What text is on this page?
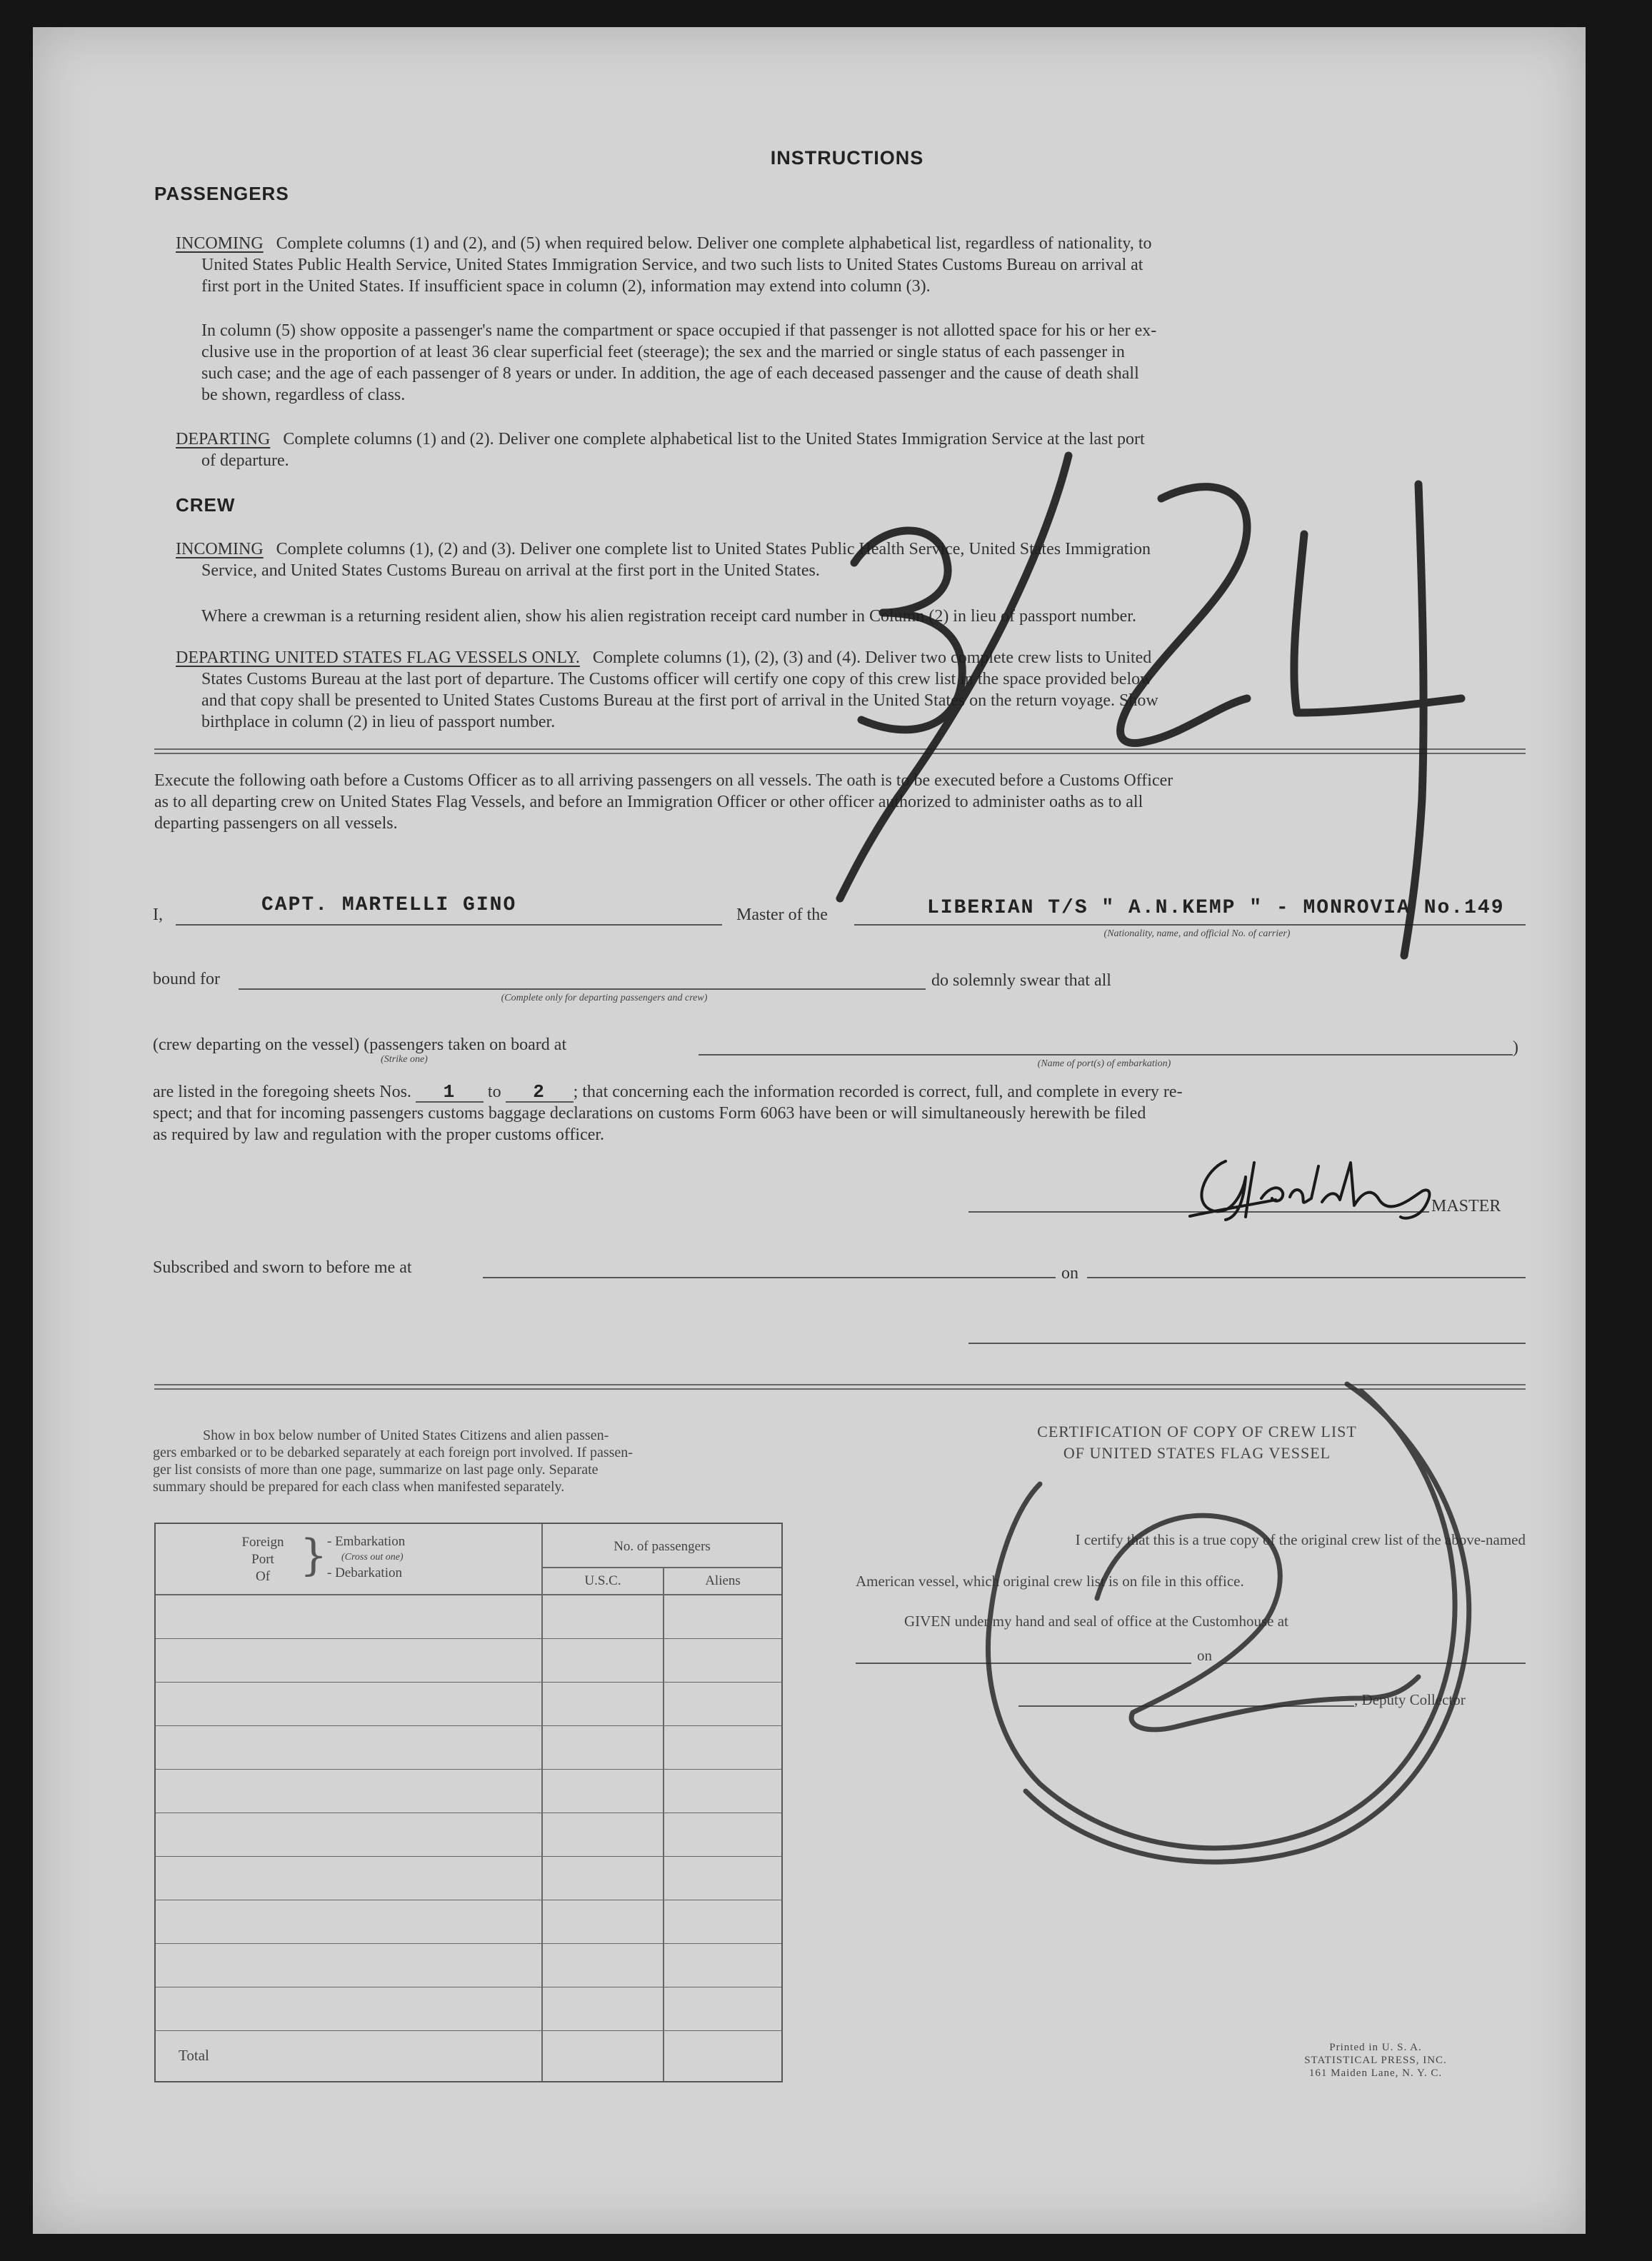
INSTRUCTIONS
PASSENGERS
INCOMING Complete columns (1) and (2), and (5) when required below. Deliver one complete alphabetical list, regardless of nationality, to
United States Public Health Service, United States Immigration Service, and two such lists to United States Customs Bureau on arrival at
first port in the United States. If insufficient space in column (2), information may extend into column (3).
In column (5) show opposite a passenger's name the compartment or space occupied if that passenger is not allotted space for his or her ex-
clusive use in the proportion of at least 36 clear superficial feet (steerage); the sex and the married or single status of each passenger in
such case; and the age of each passenger of 8 years or under. In addition, the age of each deceased passenger and the cause of death shall
be shown, regardless of class.
DEPARTING Complete columns (1) and (2). Deliver one complete alphabetical list to the United States Immigration Service at the last port
of departure.
CREW
INCOMING Complete columns (1), (2) and (3). Deliver one complete list to United States Public Health Service, United States Immigration
Service, and United States Customs Bureau on arrival at the first port in the United States.
Where a crewman is a returning resident alien, show his alien registration receipt card number in Column (2) in lieu of passport number.
DEPARTING UNITED STATES FLAG VESSELS ONLY. Complete columns (1), (2), (3) and (4). Deliver two complete crew lists to United
States Customs Bureau at the last port of departure. The Customs officer will certify one copy of this crew list in the space provided below
and that copy shall be presented to United States Customs Bureau at the first port of arrival in the United States on the return voyage. Show
birthplace in column (2) in lieu of passport number.
Execute the following oath before a Customs Officer as to all arriving passengers on all vessels. The oath is to be executed before a Customs Officer
as to all departing crew on United States Flag Vessels, and before an Immigration Officer or other officer authorized to administer oaths as to all
departing passengers on all vessels.
I,	CAPT. MARTELLI GINO	Master of the	LIBERIAN T/S " A.N.KEMP " - MONROVIA No.149
(Nationality, name, and official No. of carrier)
bound for
(Complete only for departing passengers and crew)
do solemnly swear that all
(crew departing on the vessel) (passengers taken on board at
(Strike one)
)
(Name of port(s) of embarkation)
are listed in the foregoing sheets Nos. 1 to 2 ; that concerning each the information recorded is correct, full, and complete in every re-
spect; and that for incoming passengers customs baggage declarations on customs Form 6063 have been or will simultaneously herewith be filed
as required by law and regulation with the proper customs officer.
MASTER
Subscribed and sworn to before me at	on
Show in box below number of United States Citizens and alien passen-
gers embarked or to be debarked separately at each foreign port involved. If passen-
ger list consists of more than one page, summarize on last page only. Separate
summary should be prepared for each class when manifested separately.
Foreign
Port
Of } - Embarkation
(Cross out one)
- Debarkation
No. of passengers
U.S.C.	Aliens
Total
CERTIFICATION OF COPY OF CREW LIST
OF UNITED STATES FLAG VESSEL
I certify that this is a true copy of the original crew list of the above-named
American vessel, which original crew list is on file in this office.
GIVEN under my hand and seal of office at the Customhouse at
on
, Deputy Collector
Printed in U. S. A.
STATISTICAL PRESS, INC.
161 Maiden Lane, N. Y. C.
